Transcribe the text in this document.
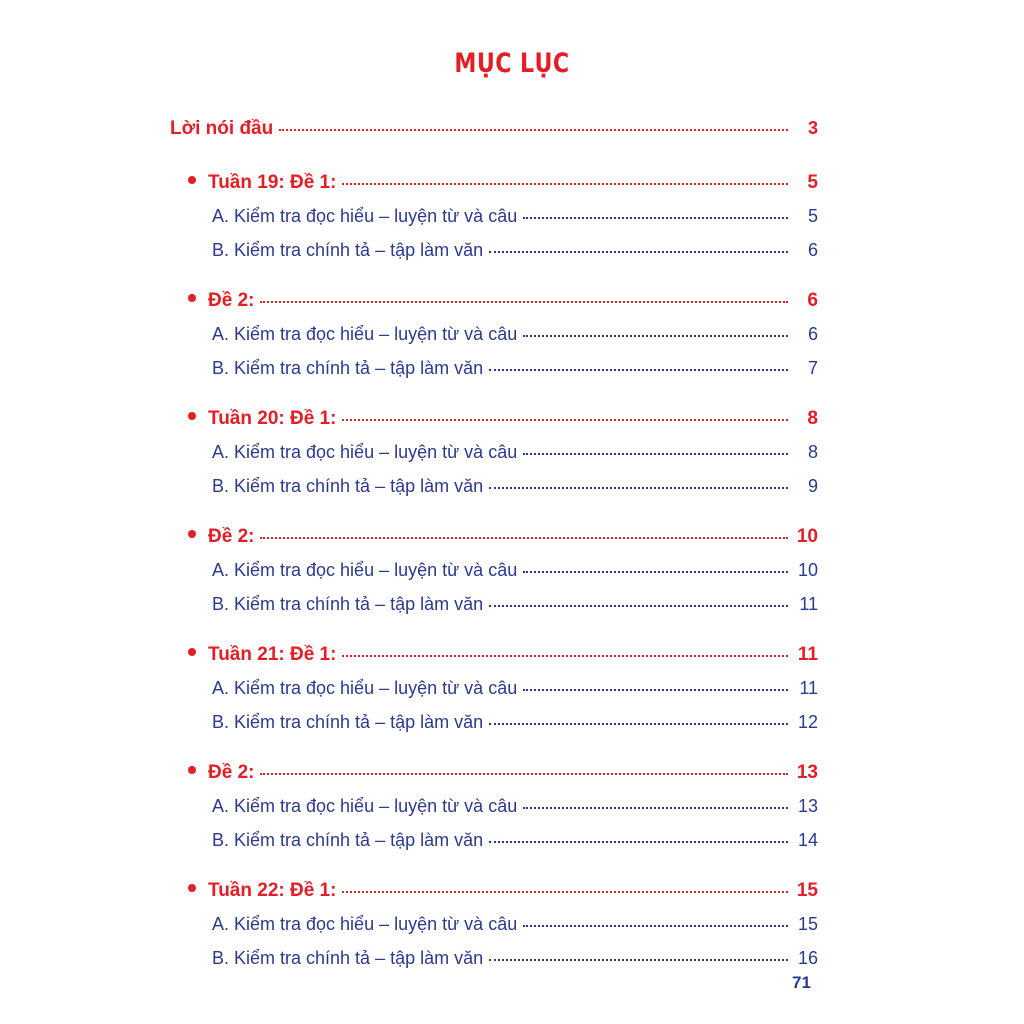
MỤC LỤC
Lời nói đầu	3
Tuần 19: Đề 1:	5
A. Kiểm tra đọc hiểu – luyện từ và câu	5
B. Kiểm tra chính tả – tập làm văn	6
Đề 2:	6
A. Kiểm tra đọc hiểu – luyện từ và câu	6
B. Kiểm tra chính tả – tập làm văn	7
Tuần 20: Đề 1:	8
A. Kiểm tra đọc hiểu – luyện từ và câu	8
B. Kiểm tra chính tả – tập làm văn	9
Đề 2:	10
A. Kiểm tra đọc hiểu – luyện từ và câu	10
B. Kiểm tra chính tả – tập làm văn	11
Tuần 21: Đề 1:	11
A. Kiểm tra đọc hiểu – luyện từ và câu	11
B. Kiểm tra chính tả – tập làm văn	12
Đề 2:	13
A. Kiểm tra đọc hiểu – luyện từ và câu	13
B. Kiểm tra chính tả – tập làm văn	14
Tuần 22: Đề 1:	15
A. Kiểm tra đọc hiểu – luyện từ và câu	15
B. Kiểm tra chính tả – tập làm văn	16
71
